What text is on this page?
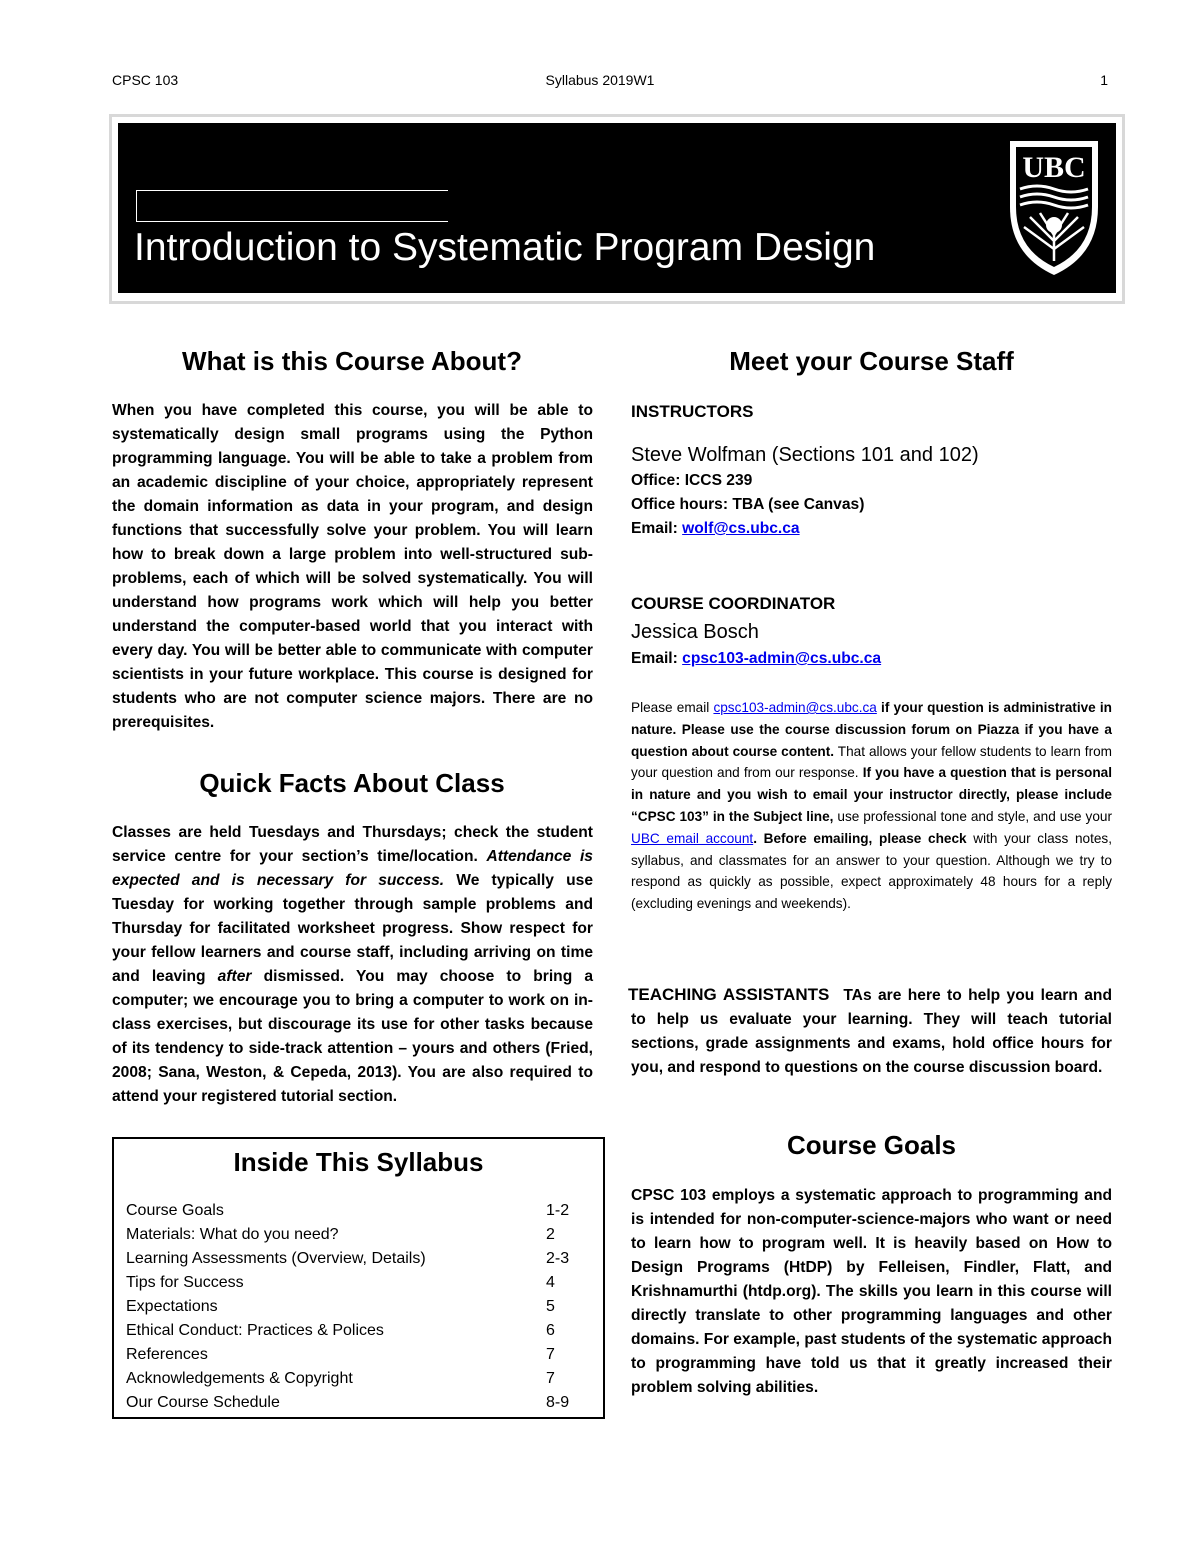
CPSC 103	Syllabus 2019W1	1
Introduction to Systematic Program Design
UBC
What is this Course About?
When you have completed this course, you will be able to systematically design small programs using the Python programming language. You will be able to take a problem from an academic discipline of your choice, appropriately represent the domain information as data in your program, and design functions that successfully solve your problem. You will learn how to break down a large problem into well-structured sub-problems, each of which will be solved systematically. You will understand how programs work which will help you better understand the computer-based world that you interact with every day. You will be better able to communicate with computer scientists in your future workplace. This course is designed for students who are not computer science majors. There are no prerequisites.
Quick Facts About Class
Classes are held Tuesdays and Thursdays; check the student service centre for your section’s time/location. Attendance is expected and is necessary for success. We typically use Tuesday for working together through sample problems and Thursday for facilitated worksheet progress. Show respect for your fellow learners and course staff, including arriving on time and leaving after dismissed. You may choose to bring a computer; we encourage you to bring a computer to work on in-class exercises, but discourage its use for other tasks because of its tendency to side-track attention – yours and others (Fried, 2008; Sana, Weston, & Cepeda, 2013). You are also required to attend your registered tutorial section.
Inside This Syllabus
Course Goals	1-2
Materials: What do you need?	2
Learning Assessments (Overview, Details)	2-3
Tips for Success	4
Expectations	5
Ethical Conduct: Practices & Polices	6
References	7
Acknowledgements & Copyright	7
Our Course Schedule	8-9
Meet your Course Staff
INSTRUCTORS
Steve Wolfman (Sections 101 and 102)
Office: ICCS 239
Office hours: TBA (see Canvas)
Email: wolf@cs.ubc.ca
COURSE COORDINATOR
Jessica Bosch
Email: cpsc103-admin@cs.ubc.ca
Please email cpsc103-admin@cs.ubc.ca if your question is administrative in nature. Please use the course discussion forum on Piazza if you have a question about course content. That allows your fellow students to learn from your question and from our response. If you have a question that is personal in nature and you wish to email your instructor directly, please include “CPSC 103” in the Subject line, use professional tone and style, and use your UBC email account. Before emailing, please check with your class notes, syllabus, and classmates for an answer to your question. Although we try to respond as quickly as possible, expect approximately 48 hours for a reply (excluding evenings and weekends).
TEACHING ASSISTANTS TAs are here to help you learn and to help us evaluate your learning. They will teach tutorial sections, grade assignments and exams, hold office hours for you, and respond to questions on the course discussion board.
Course Goals
CPSC 103 employs a systematic approach to programming and is intended for non-computer-science-majors who want or need to learn how to program well. It is heavily based on How to Design Programs (HtDP) by Felleisen, Findler, Flatt, and Krishnamurthi (htdp.org). The skills you learn in this course will directly translate to other programming languages and other domains. For example, past students of the systematic approach to programming have told us that it greatly increased their problem solving abilities.
